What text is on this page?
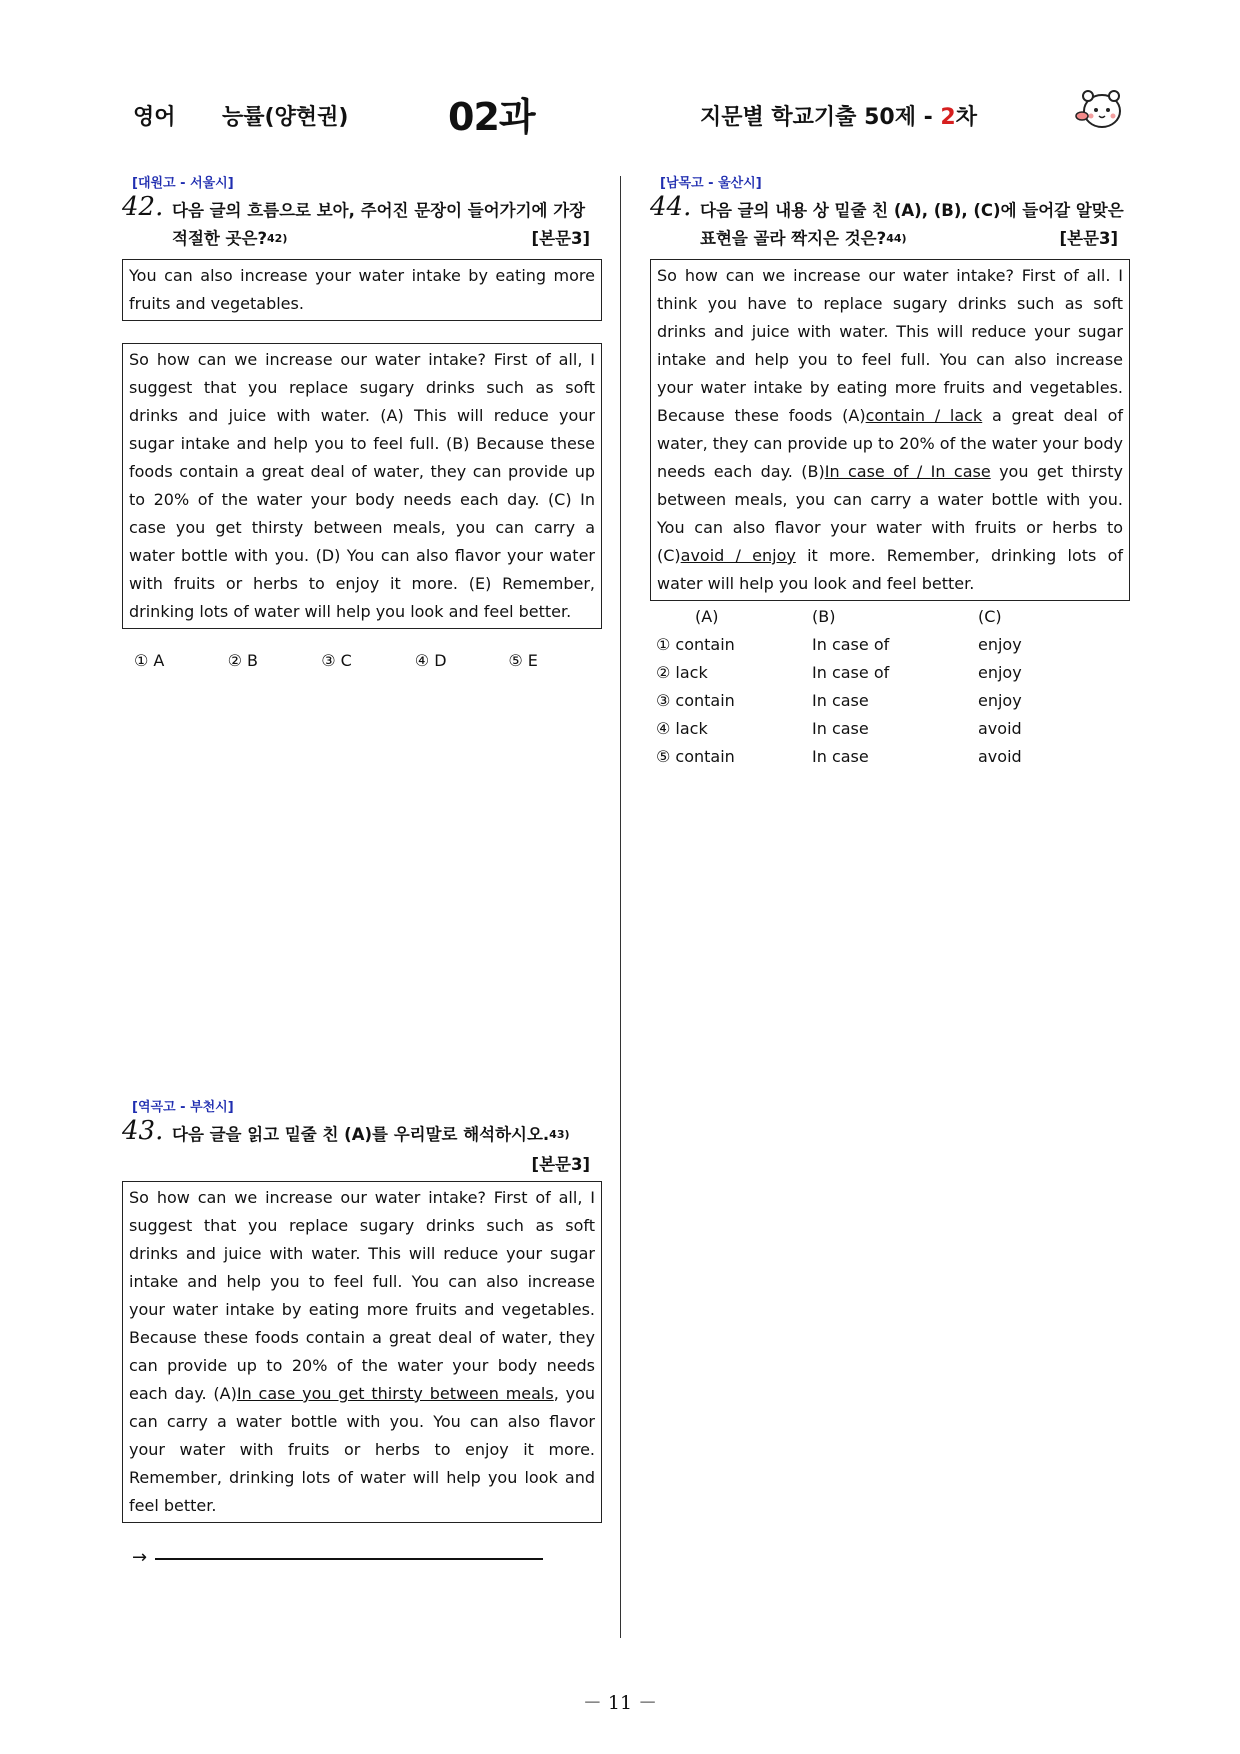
영어 능률(양현권)	02과	지문별 학교기출 50제 - 2차
[대원고 - 서울시]
42. 다음 글의 흐름으로 보아, 주어진 문장이 들어가기에 가장 적절한 곳은?$^{42)}$	[본문3]
You can also increase your water intake by eating more fruits and vegetables.
So how can we increase our water intake? First of all, I suggest that you replace sugary drinks such as soft drinks and juice with water. (A) This will reduce your sugar intake and help you to feel full. (B) Because these foods contain a great deal of water, they can provide up to 20% of the water your body needs each day. (C) In case you get thirsty between meals, you can carry a water bottle with you. (D) You can also flavor your water with fruits or herbs to enjoy it more. (E) Remember, drinking lots of water will help you look and feel better.
① A	② B	③ C	④ D	⑤ E
[역곡고 - 부천시]
43. 다음 글을 읽고 밑줄 친 (A)를 우리말로 해석하시오.$^{43)}$
[본문3]
So how can we increase our water intake? First of all, I suggest that you replace sugary drinks such as soft drinks and juice with water. This will reduce your sugar intake and help you to feel full. You can also increase your water intake by eating more fruits and vegetables. Because these foods contain a great deal of water, they can provide up to 20% of the water your body needs each day. (A)In case you get thirsty between meals, you can carry a water bottle with you. You can also flavor your water with fruits or herbs to enjoy it more. Remember, drinking lots of water will help you look and feel better.
→
[남목고 - 울산시]
44. 다음 글의 내용 상 밑줄 친 (A), (B), (C)에 들어갈 알맞은 표현을 골라 짝지은 것은?$^{44)}$	[본문3]
So how can we increase our water intake? First of all. I think you have to replace sugary drinks such as soft drinks and juice with water. This will reduce your sugar intake and help you to feel full. You can also increase your water intake by eating more fruits and vegetables. Because these foods (A)contain / lack a great deal of water, they can provide up to 20% of the water your body needs each day. (B)In case of / In case you get thirsty between meals, you can carry a water bottle with you. You can also flavor your water with fruits or herbs to (C)avoid / enjoy it more. Remember, drinking lots of water will help you look and feel better.
(A)	(B)	(C)
① contain	In case of	enjoy
② lack	In case of	enjoy
③ contain	In case	enjoy
④ lack	In case	avoid
⑤ contain	In case	avoid
－ 11 －
